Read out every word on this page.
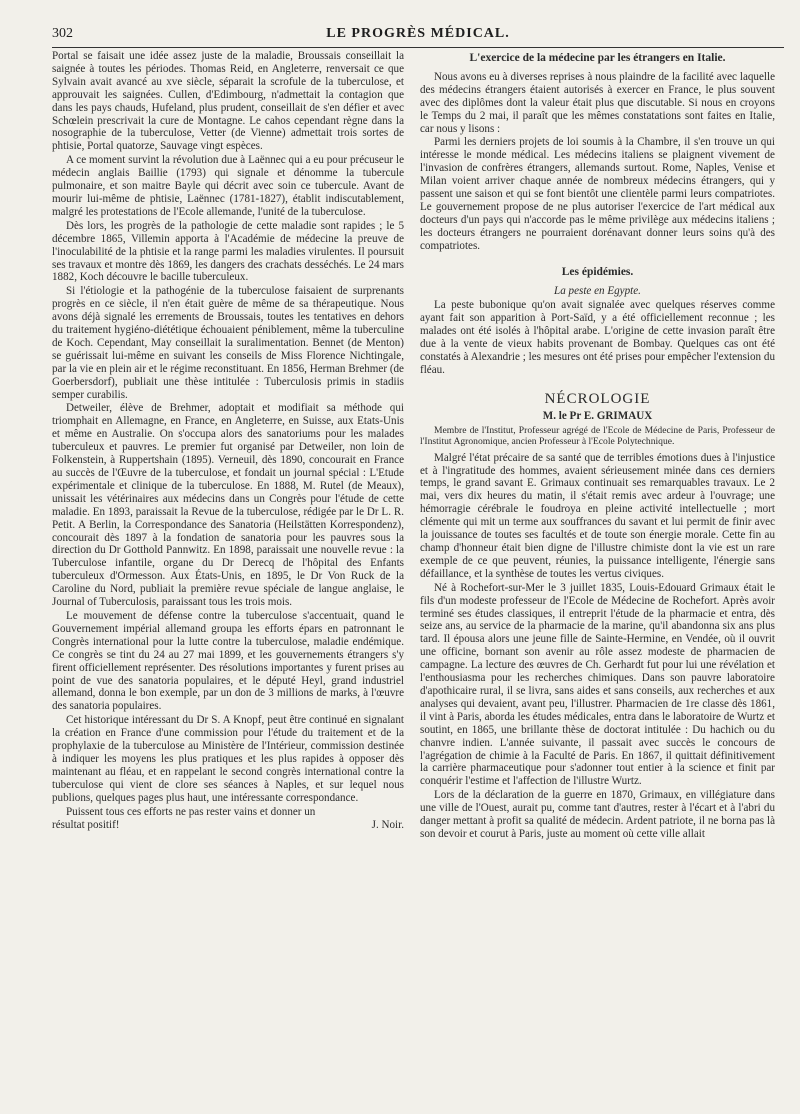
302	LE PROGRÈS MÉDICAL.

Portal se faisait une idée assez juste de la maladie, Broussais conseillait la saignée à toutes les périodes. Thomas Reid, en Angleterre, renversait ce que Sylvain avait avancé au xve siècle, séparait la scrofule de la tuberculose, et approuvait les saignées. Cullen, d'Edimbourg, n'admettait la contagion que dans les pays chauds, Hufeland, plus prudent, conseillait de s'en défier et avec Schœlein prescrivait la cure de Montagne. Le cahos cependant règne dans la nosographie de la tuberculose, Vetter (de Vienne) admettait trois sortes de phtisie, Portal quatorze, Sauvage vingt espèces.

A ce moment survint la révolution due à Laënnec qui a eu pour précuseur le médecin anglais Baillie (1793) qui signale et dénomme la tubercule pulmonaire, et son maitre Bayle qui décrit avec soin ce tubercule. Avant de mourir lui-même de phtisie, Laënnec (1781-1827), établit indiscutablement, malgré les protestations de l'Ecole allemande, l'unité de la tuberculose.

Dès lors, les progrès de la pathologie de cette maladie sont rapides ; le 5 décembre 1865, Villemin apporta à l'Académie de médecine la preuve de l'inoculabilité de la phtisie et la range parmi les maladies virulentes. Il poursuit ses travaux et montre dès 1869, les dangers des crachats desséchés. Le 24 mars 1882, Koch découvre le bacille tuberculeux.

Si l'étiologie et la pathogénie de la tuberculose faisaient de surprenants progrès en ce siècle, il n'en était guère de même de sa thérapeutique. Nous avons déjà signalé les errements de Broussais, toutes les tentatives en dehors du traitement hygiéno-diététique échouaient péniblement, même la tuberculine de Koch. Cependant, May conseillait la suralimentation. Bennet (de Menton) se guérissait lui-même en suivant les conseils de Miss Florence Nichtingale, par la vie en plein air et le régime reconstituant. En 1856, Herman Brehmer (de Goerbersdorf), publiait une thèse intitulée : Tuberculosis primis in stadiis semper curabilis.

Detweiler, élève de Brehmer, adoptait et modifiait sa méthode qui triomphait en Allemagne, en France, en Angleterre, en Suisse, aux Etats-Unis et même en Australie. On s'occupa alors des sanatoriums pour les malades tuberculeux et pauvres. Le premier fut organisé par Detweiler, non loin de Folkenstein, à Ruppertshain (1895). Verneuil, dès 1890, concourait en France au succès de l'Œuvre de la tuberculose, et fondait un journal spécial : L'Etude expérimentale et clinique de la tuberculose. En 1888, M. Rutel (de Meaux), unissait les vétérinaires aux médecins dans un Congrès pour l'étude de cette maladie. En 1893, paraissait la Revue de la tuberculose, rédigée par le Dr L. R. Petit. A Berlin, la Correspondance des Sanatoria (Heilstätten Korrespondenz), concourait dès 1897 à la fondation de sanatoria pour les pauvres sous la direction du Dr Gotthold Pannwitz. En 1898, paraissait une nouvelle revue : la Tuberculose infantile, organe du Dr Derecq de l'hôpital des Enfants tuberculeux d'Ormesson. Aux États-Unis, en 1895, le Dr Von Ruck de la Caroline du Nord, publiait la première revue spéciale de langue anglaise, le Journal of Tuberculosis, paraissant tous les trois mois.

Le mouvement de défense contre la tuberculose s'accentuait, quand le Gouvernement impérial allemand groupa les efforts épars en patronnant le Congrès international pour la lutte contre la tuberculose, maladie endémique. Ce congrès se tint du 24 au 27 mai 1899, et les gouvernements étrangers s'y firent officiellement représenter. Des résolutions importantes y furent prises au point de vue des sanatoria populaires, et le député Heyl, grand industriel allemand, donna le bon exemple, par un don de 3 millions de marks, à l'œuvre des sanatoria populaires.

Cet historique intéressant du Dr S. A Knopf, peut être continué en signalant la création en France d'une commission pour l'étude du traitement et de la prophylaxie de la tuberculose au Ministère de l'Intérieur, commission destinée à indiquer les moyens les plus pratiques et les plus rapides à opposer dès maintenant au fléau, et en rappelant le second congrès international contre la tuberculose qui vient de clore ses séances à Naples, et sur lequel nous publions, quelques pages plus haut, une intéressante correspondance.

Puissent tous ces efforts ne pas rester vains et donner un

résultat positif!	J. Noir.
L'exercice de la médecine par les étrangers en Italie.

Nous avons eu à diverses reprises à nous plaindre de la facilité avec laquelle des médecins étrangers étaient autorisés à exercer en France, le plus souvent avec des diplômes dont la valeur était plus que discutable. Si nous en croyons le Temps du 2 mai, il paraît que les mêmes constatations sont faites en Italie, car nous y lisons :

Parmi les derniers projets de loi soumis à la Chambre, il s'en trouve un qui intéresse le monde médical. Les médecins italiens se plaignent vivement de l'invasion de confrères étrangers, allemands surtout. Rome, Naples, Venise et Milan voient arriver chaque année de nombreux médecins étrangers, qui y passent une saison et qui se font bientôt une clientèle parmi leurs compatriotes. Le gouvernement propose de ne plus autoriser l'exercice de l'art médical aux docteurs d'un pays qui n'accorde pas le même privilège aux médecins italiens ; les docteurs étrangers ne pourraient dorénavant donner leurs soins qu'à des compatriotes.

Les épidémies.
La peste en Egypte.

La peste bubonique qu'on avait signalée avec quelques réserves comme ayant fait son apparition à Port-Saïd, y a été officiellement reconnue ; les malades ont été isolés à l'hôpital arabe. L'origine de cette invasion paraît être due à la vente de vieux habits provenant de Bombay. Quelques cas ont été constatés à Alexandrie ; les mesures ont été prises pour empêcher l'extension du fléau.

NÉCROLOGIE
M. le Pr E. GRIMAUX

Membre de l'Institut, Professeur agrégé de l'Ecole de Médecine de Paris, Professeur de l'Institut Agronomique, ancien Professeur à l'Ecole Polytechnique.

Malgré l'état précaire de sa santé que de terribles émotions dues à l'injustice et à l'ingratitude des hommes, avaient sérieusement minée dans ces derniers temps, le grand savant E. Grimaux continuait ses remarquables travaux. Le 2 mai, vers dix heures du matin, il s'était remis avec ardeur à l'ouvrage; une hémorragie cérébrale le foudroya en pleine activité intellectuelle ; mort clémente qui mit un terme aux souffrances du savant et lui permit de finir avec la jouissance de toutes ses facultés et de toute son énergie morale. Cette fin au champ d'honneur était bien digne de l'illustre chimiste dont la vie est un rare exemple de ce que peuvent, réunies, la puissance intelligente, l'énergie sans défaillance, et la synthèse de toutes les vertus civiques.

Né à Rochefort-sur-Mer le 3 juillet 1835, Louis-Edouard Grimaux était le fils d'un modeste professeur de l'Ecole de Médecine de Rochefort. Après avoir terminé ses études classiques, il entreprit l'étude de la pharmacie et entra, dès seize ans, au service de la pharmacie de la marine, qu'il abandonna six ans plus tard. Il épousa alors une jeune fille de Sainte-Hermine, en Vendée, où il ouvrit une officine, bornant son avenir au rôle assez modeste de pharmacien de campagne. La lecture des œuvres de Ch. Gerhardt fut pour lui une révélation et l'enthousiasma pour les recherches chimiques. Dans son pauvre laboratoire d'apothicaire rural, il se livra, sans aides et sans conseils, aux recherches et aux analyses qui devaient, avant peu, l'illustrer. Pharmacien de 1re classe dès 1861, il vint à Paris, aborda les études médicales, entra dans le laboratoire de Wurtz et soutint, en 1865, une brillante thèse de doctorat intitulée : Du hachich ou du chanvre indien. L'année suivante, il passait avec succès le concours de l'agrégation de chimie à la Faculté de Paris. En 1867, il quittait définitivement la carrière pharmaceutique pour s'adonner tout entier à la science et finit par conquérir l'estime et l'affection de l'illustre Wurtz.

Lors de la déclaration de la guerre en 1870, Grimaux, en villégiature dans une ville de l'Ouest, aurait pu, comme tant d'autres, rester à l'écart et à l'abri du danger mettant à profit sa qualité de médecin. Ardent patriote, il ne borna pas là son devoir et courut à Paris, juste au moment où cette ville allait
